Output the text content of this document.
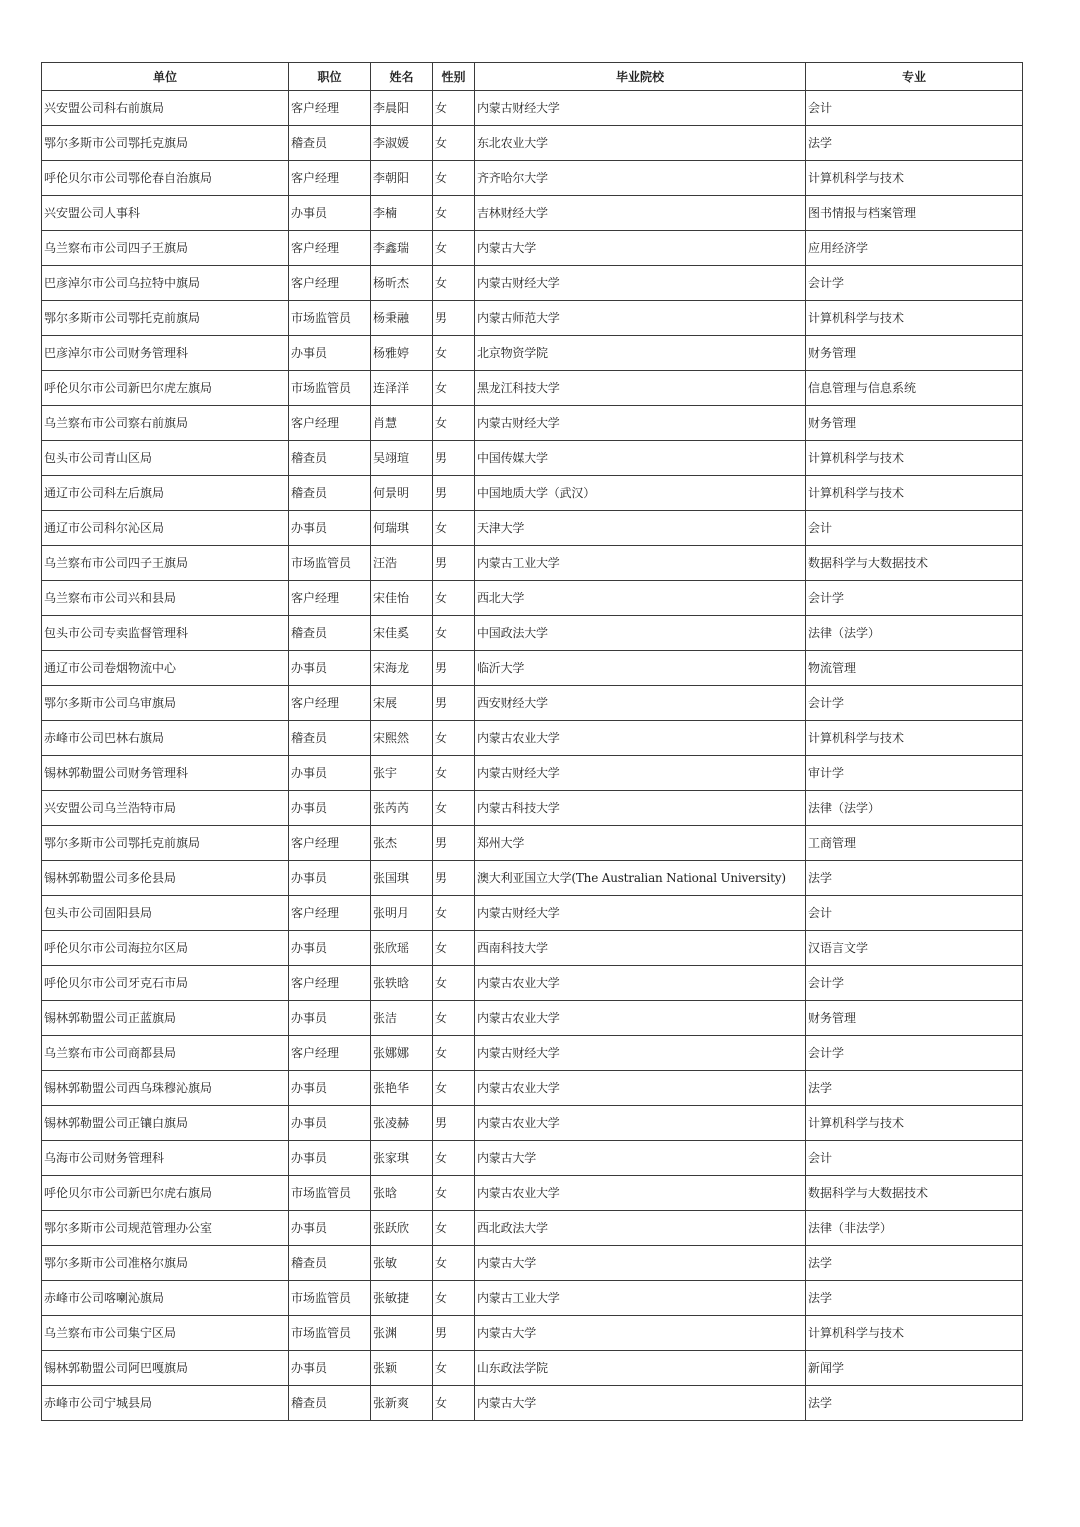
单位	职位	姓名	性别	毕业院校	专业
兴安盟公司科右前旗局	客户经理	李晨阳	女	内蒙古财经大学	会计
鄂尔多斯市公司鄂托克旗局	稽查员	李淑媛	女	东北农业大学	法学
呼伦贝尔市公司鄂伦春自治旗局	客户经理	李朝阳	女	齐齐哈尔大学	计算机科学与技术
兴安盟公司人事科	办事员	李楠	女	吉林财经大学	图书情报与档案管理
乌兰察布市公司四子王旗局	客户经理	李鑫瑞	女	内蒙古大学	应用经济学
巴彦淖尔市公司乌拉特中旗局	客户经理	杨昕杰	女	内蒙古财经大学	会计学
鄂尔多斯市公司鄂托克前旗局	市场监管员	杨秉融	男	内蒙古师范大学	计算机科学与技术
巴彦淖尔市公司财务管理科	办事员	杨雅婷	女	北京物资学院	财务管理
呼伦贝尔市公司新巴尔虎左旗局	市场监管员	连泽洋	女	黑龙江科技大学	信息管理与信息系统
乌兰察布市公司察右前旗局	客户经理	肖慧	女	内蒙古财经大学	财务管理
包头市公司青山区局	稽查员	吴翊瑄	男	中国传媒大学	计算机科学与技术
通辽市公司科左后旗局	稽查员	何景明	男	中国地质大学（武汉）	计算机科学与技术
通辽市公司科尔沁区局	办事员	何瑞琪	女	天津大学	会计
乌兰察布市公司四子王旗局	市场监管员	汪浩	男	内蒙古工业大学	数据科学与大数据技术
乌兰察布市公司兴和县局	客户经理	宋佳怡	女	西北大学	会计学
包头市公司专卖监督管理科	稽查员	宋佳奚	女	中国政法大学	法律（法学）
通辽市公司卷烟物流中心	办事员	宋海龙	男	临沂大学	物流管理
鄂尔多斯市公司乌审旗局	客户经理	宋展	男	西安财经大学	会计学
赤峰市公司巴林右旗局	稽查员	宋熙然	女	内蒙古农业大学	计算机科学与技术
锡林郭勒盟公司财务管理科	办事员	张宇	女	内蒙古财经大学	审计学
兴安盟公司乌兰浩特市局	办事员	张芮芮	女	内蒙古科技大学	法律（法学）
鄂尔多斯市公司鄂托克前旗局	客户经理	张杰	男	郑州大学	工商管理
锡林郭勒盟公司多伦县局	办事员	张国琪	男	澳大利亚国立大学(The Australian National University)	法学
包头市公司固阳县局	客户经理	张明月	女	内蒙古财经大学	会计
呼伦贝尔市公司海拉尔区局	办事员	张欣瑶	女	西南科技大学	汉语言文学
呼伦贝尔市公司牙克石市局	客户经理	张轶晗	女	内蒙古农业大学	会计学
锡林郭勒盟公司正蓝旗局	办事员	张洁	女	内蒙古农业大学	财务管理
乌兰察布市公司商都县局	客户经理	张娜娜	女	内蒙古财经大学	会计学
锡林郭勒盟公司西乌珠穆沁旗局	办事员	张艳华	女	内蒙古农业大学	法学
锡林郭勒盟公司正镶白旗局	办事员	张凌赫	男	内蒙古农业大学	计算机科学与技术
乌海市公司财务管理科	办事员	张家琪	女	内蒙古大学	会计
呼伦贝尔市公司新巴尔虎右旗局	市场监管员	张晗	女	内蒙古农业大学	数据科学与大数据技术
鄂尔多斯市公司规范管理办公室	办事员	张跃欣	女	西北政法大学	法律（非法学）
鄂尔多斯市公司准格尔旗局	稽查员	张敏	女	内蒙古大学	法学
赤峰市公司喀喇沁旗局	市场监管员	张敏捷	女	内蒙古工业大学	法学
乌兰察布市公司集宁区局	市场监管员	张渊	男	内蒙古大学	计算机科学与技术
锡林郭勒盟公司阿巴嘎旗局	办事员	张颖	女	山东政法学院	新闻学
赤峰市公司宁城县局	稽查员	张新爽	女	内蒙古大学	法学
